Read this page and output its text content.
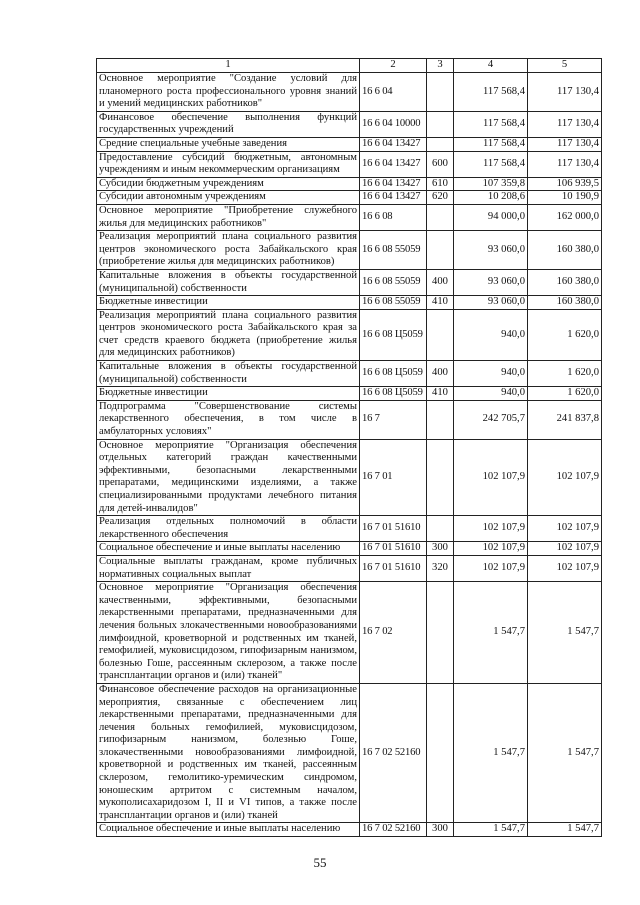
1	2	3	4	5
Основное мероприятие "Создание условий для планомерного роста профессионального уровня знаний и умений медицинских работников"	16 6 04		117 568,4	117 130,4
Финансовое обеспечение выполнения функций государственных учреждений	16 6 04 10000		117 568,4	117 130,4
Средние специальные учебные заведения	16 6 04 13427		117 568,4	117 130,4
Предоставление субсидий бюджетным, автономным учреждениям и иным некоммерческим организациям	16 6 04 13427	600	117 568,4	117 130,4
Субсидии бюджетным учреждениям	16 6 04 13427	610	107 359,8	106 939,5
Субсидии автономным учреждениям	16 6 04 13427	620	10 208,6	10 190,9
Основное мероприятие "Приобретение служебного жилья для медицинских работников"	16 6 08		94 000,0	162 000,0
Реализация мероприятий плана социального развития центров экономического роста Забайкальского края (приобретение жилья для медицинских работников)	16 6 08 55059		93 060,0	160 380,0
Капитальные вложения в объекты государственной (муниципальной) собственности	16 6 08 55059	400	93 060,0	160 380,0
Бюджетные инвестиции	16 6 08 55059	410	93 060,0	160 380,0
Реализация мероприятий плана социального развития центров экономического роста Забайкальского края за счет средств краевого бюджета (приобретение жилья для медицинских работников)	16 6 08 Ц5059		940,0	1 620,0
Капитальные вложения в объекты государственной (муниципальной) собственности	16 6 08 Ц5059	400	940,0	1 620,0
Бюджетные инвестиции	16 6 08 Ц5059	410	940,0	1 620,0
Подпрограмма "Совершенствование системы лекарственного обеспечения, в том числе в амбулаторных условиях"	16 7		242 705,7	241 837,8
Основное мероприятие "Организация обеспечения отдельных категорий граждан качественными эффективными, безопасными лекарственными препаратами, медицинскими изделиями, а также специализированными продуктами лечебного питания для детей-инвалидов"	16 7 01		102 107,9	102 107,9
Реализация отдельных полномочий в области лекарственного обеспечения	16 7 01 51610		102 107,9	102 107,9
Социальное обеспечение и иные выплаты населению	16 7 01 51610	300	102 107,9	102 107,9
Социальные выплаты гражданам, кроме публичных нормативных социальных выплат	16 7 01 51610	320	102 107,9	102 107,9
Основное мероприятие "Организация обеспечения качественными, эффективными, безопасными лекарственными препаратами, предназначенными для лечения больных злокачественными новообразованиями лимфоидной, кроветворной и родственных им тканей, гемофилией, муковисцидозом, гипофизарным нанизмом, болезнью Гоше, рассеянным склерозом, а также после трансплантации органов и (или) тканей"	16 7 02		1 547,7	1 547,7
Финансовое обеспечение расходов на организационные мероприятия, связанные с обеспечением лиц лекарственными препаратами, предназначенными для лечения больных гемофилией, муковисцидозом, гипофизарным нанизмом, болезнью Гоше, злокачественными новообразованиями лимфоидной, кроветворной и родственных им тканей, рассеянным склерозом, гемолитико-уремическим синдромом, юношеским артритом с системным началом, мукополисахаридозом I, II и VI типов, а также после трансплантации органов и (или) тканей	16 7 02 52160		1 547,7	1 547,7
Социальное обеспечение и иные выплаты населению	16 7 02 52160	300	1 547,7	1 547,7
55
